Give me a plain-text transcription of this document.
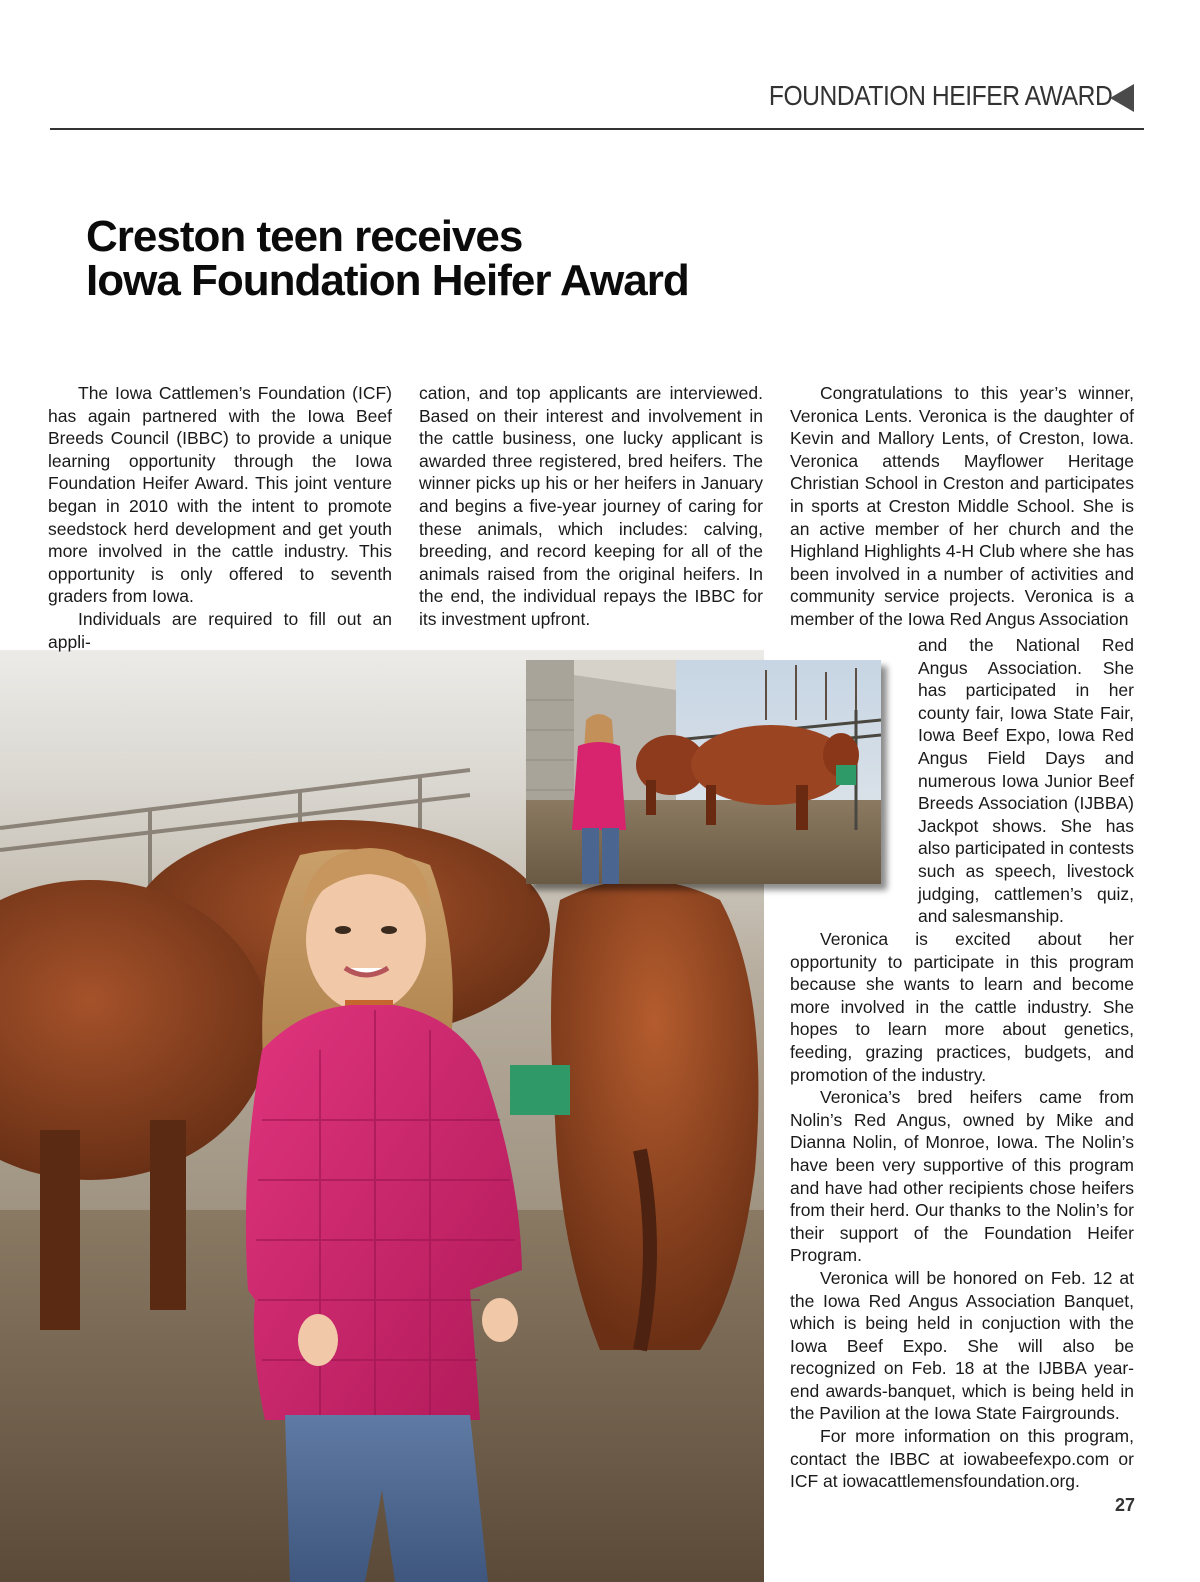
FOUNDATION HEIFER AWARD
Creston teen receives
Iowa Foundation Heifer Award

The Iowa Cattlemen’s Foundation (ICF) has again partnered with the Iowa Beef Breeds Council (IBBC) to provide a unique learning opportunity through the Iowa Foundation Heifer Award. This joint venture began in 2010 with the intent to promote seedstock herd development and get youth more involved in the cattle industry. This opportunity is only offered to seventh graders from Iowa.

Individuals are required to fill out an appli-

cation, and top applicants are interviewed. Based on their interest and involvement in the cattle business, one lucky applicant is awarded three registered, bred heifers. The winner picks up his or her heifers in January and begins a five-year journey of caring for these animals, which includes: calving, breeding, and record keeping for all of the animals raised from the original heifers. In the end, the individual repays the IBBC for its investment upfront.

Congratulations to this year’s winner, Veronica Lents. Veronica is the daughter of Kevin and Mallory Lents, of Creston, Iowa. Veronica attends Mayflower Heritage Christian School in Creston and participates in sports at Creston Middle School. She is an active member of her church and the Highland Highlights 4-H Club where she has been involved in a number of activities and community service projects. Veronica is a member of the Iowa Red Angus Association

and the National Red Angus Association. She has participated in her county fair, Iowa State Fair, Iowa Beef Expo, Iowa Red Angus Field Days and numerous Iowa Junior Beef Breeds Association (IJBBA) Jackpot shows. She has also participated in contests such as speech, livestock judging, cattlemen’s quiz, and salesmanship.

Veronica is excited about her opportunity to participate in this program because she wants to learn and become more involved in the cattle industry. She hopes to learn more about genetics, feeding, grazing practices, budgets, and promotion of the industry.

Veronica’s bred heifers came from Nolin’s Red Angus, owned by Mike and Dianna Nolin, of Monroe, Iowa. The Nolin’s have been very supportive of this program and have had other recipients chose heifers from their herd. Our thanks to the Nolin’s for their support of the Foundation Heifer Program.

Veronica will be honored on Feb. 12 at the Iowa Red Angus Association Banquet, which is being held in conjuction with the Iowa Beef Expo. She will also be recognized on Feb. 18 at the IJBBA year-end awards-banquet, which is being held in the Pavilion at the Iowa State Fairgrounds.

For more information on this program, contact the IBBC at iowabeefexpo.com or ICF at iowacattlemensfoundation.org.

27
